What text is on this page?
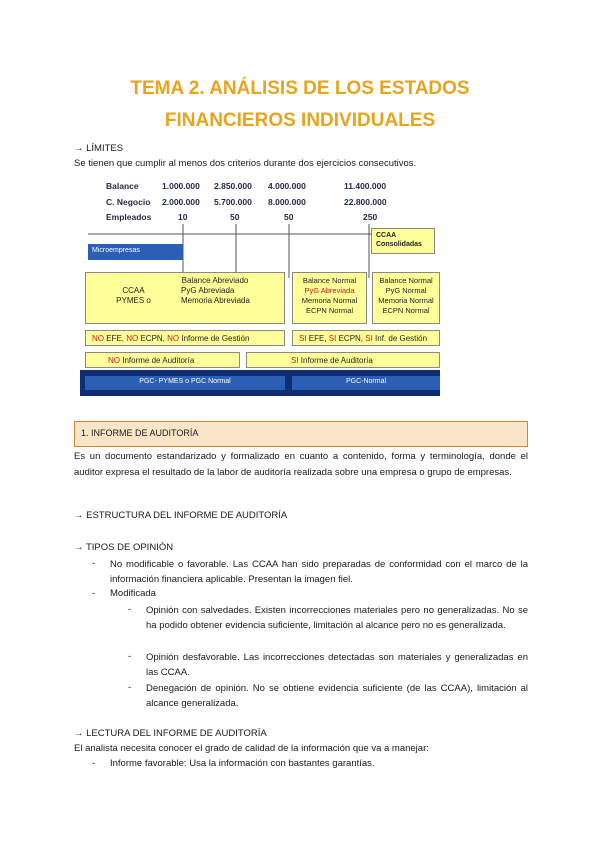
TEMA 2. ANÁLISIS DE LOS ESTADOS
FINANCIEROS INDIVIDUALES
→ LÍMITES
Se tienen que cumplir al menos dos criterios durante dos ejercicios consecutivos.
Balance	1.000.000 2.850.000 4.000.000	11.400.000
C. Negocio 2.000.000 5.700.000 8.000.000	22.800.000
Empleados	10	50	50	250
Microempresas
CCAA
Consolidadas
Balance Abreviado
CCAA	PyG Abreviada
PYMES o	Memoria Abreviada
Balance Normal
PyG Abreviada
Memoria Normal
ECPN Normal
Balance Normal
PyG Normal
Memoria Normal
ECPN Normal
NO EFE, NO ECPN, NO Informe de Gestión	SI EFE, SI ECPN, SI Inf. de Gestión
NO Informe de Auditoría	SI Informe de Auditoría
PGC- PYMES o PGC Normal	PGC-Normal
1. INFORME DE AUDITORÍA
Es un documento estandarizado y formalizado en cuanto a contenido, forma y terminología, donde el auditor expresa el resultado de la labor de auditoría realizada sobre una empresa o grupo de empresas.
→ ESTRUCTURA DEL INFORME DE AUDITORÍA
→ TIPOS DE OPINIÓN
- No modificable o favorable. Las CCAA han sido preparadas de conformidad con el marco de la información financiera aplicable. Presentan la imagen fiel.
- Modificada
- Opinión con salvedades. Existen incorrecciones materiales pero no generalizadas. No se ha podido obtener evidencia suficiente, limitación al alcance pero no es generalizada.
- Opinión desfavorable. Las incorrecciones detectadas son materiales y generalizadas en las CCAA.
- Denegación de opinión. No se obtiene evidencia suficiente (de las CCAA), limitación al alcance generalizada.
→ LECTURA DEL INFORME DE AUDITORÍA
El analista necesita conocer el grado de calidad de la información que va a manejar:
- Informe favorable: Usa la información con bastantes garantías.
